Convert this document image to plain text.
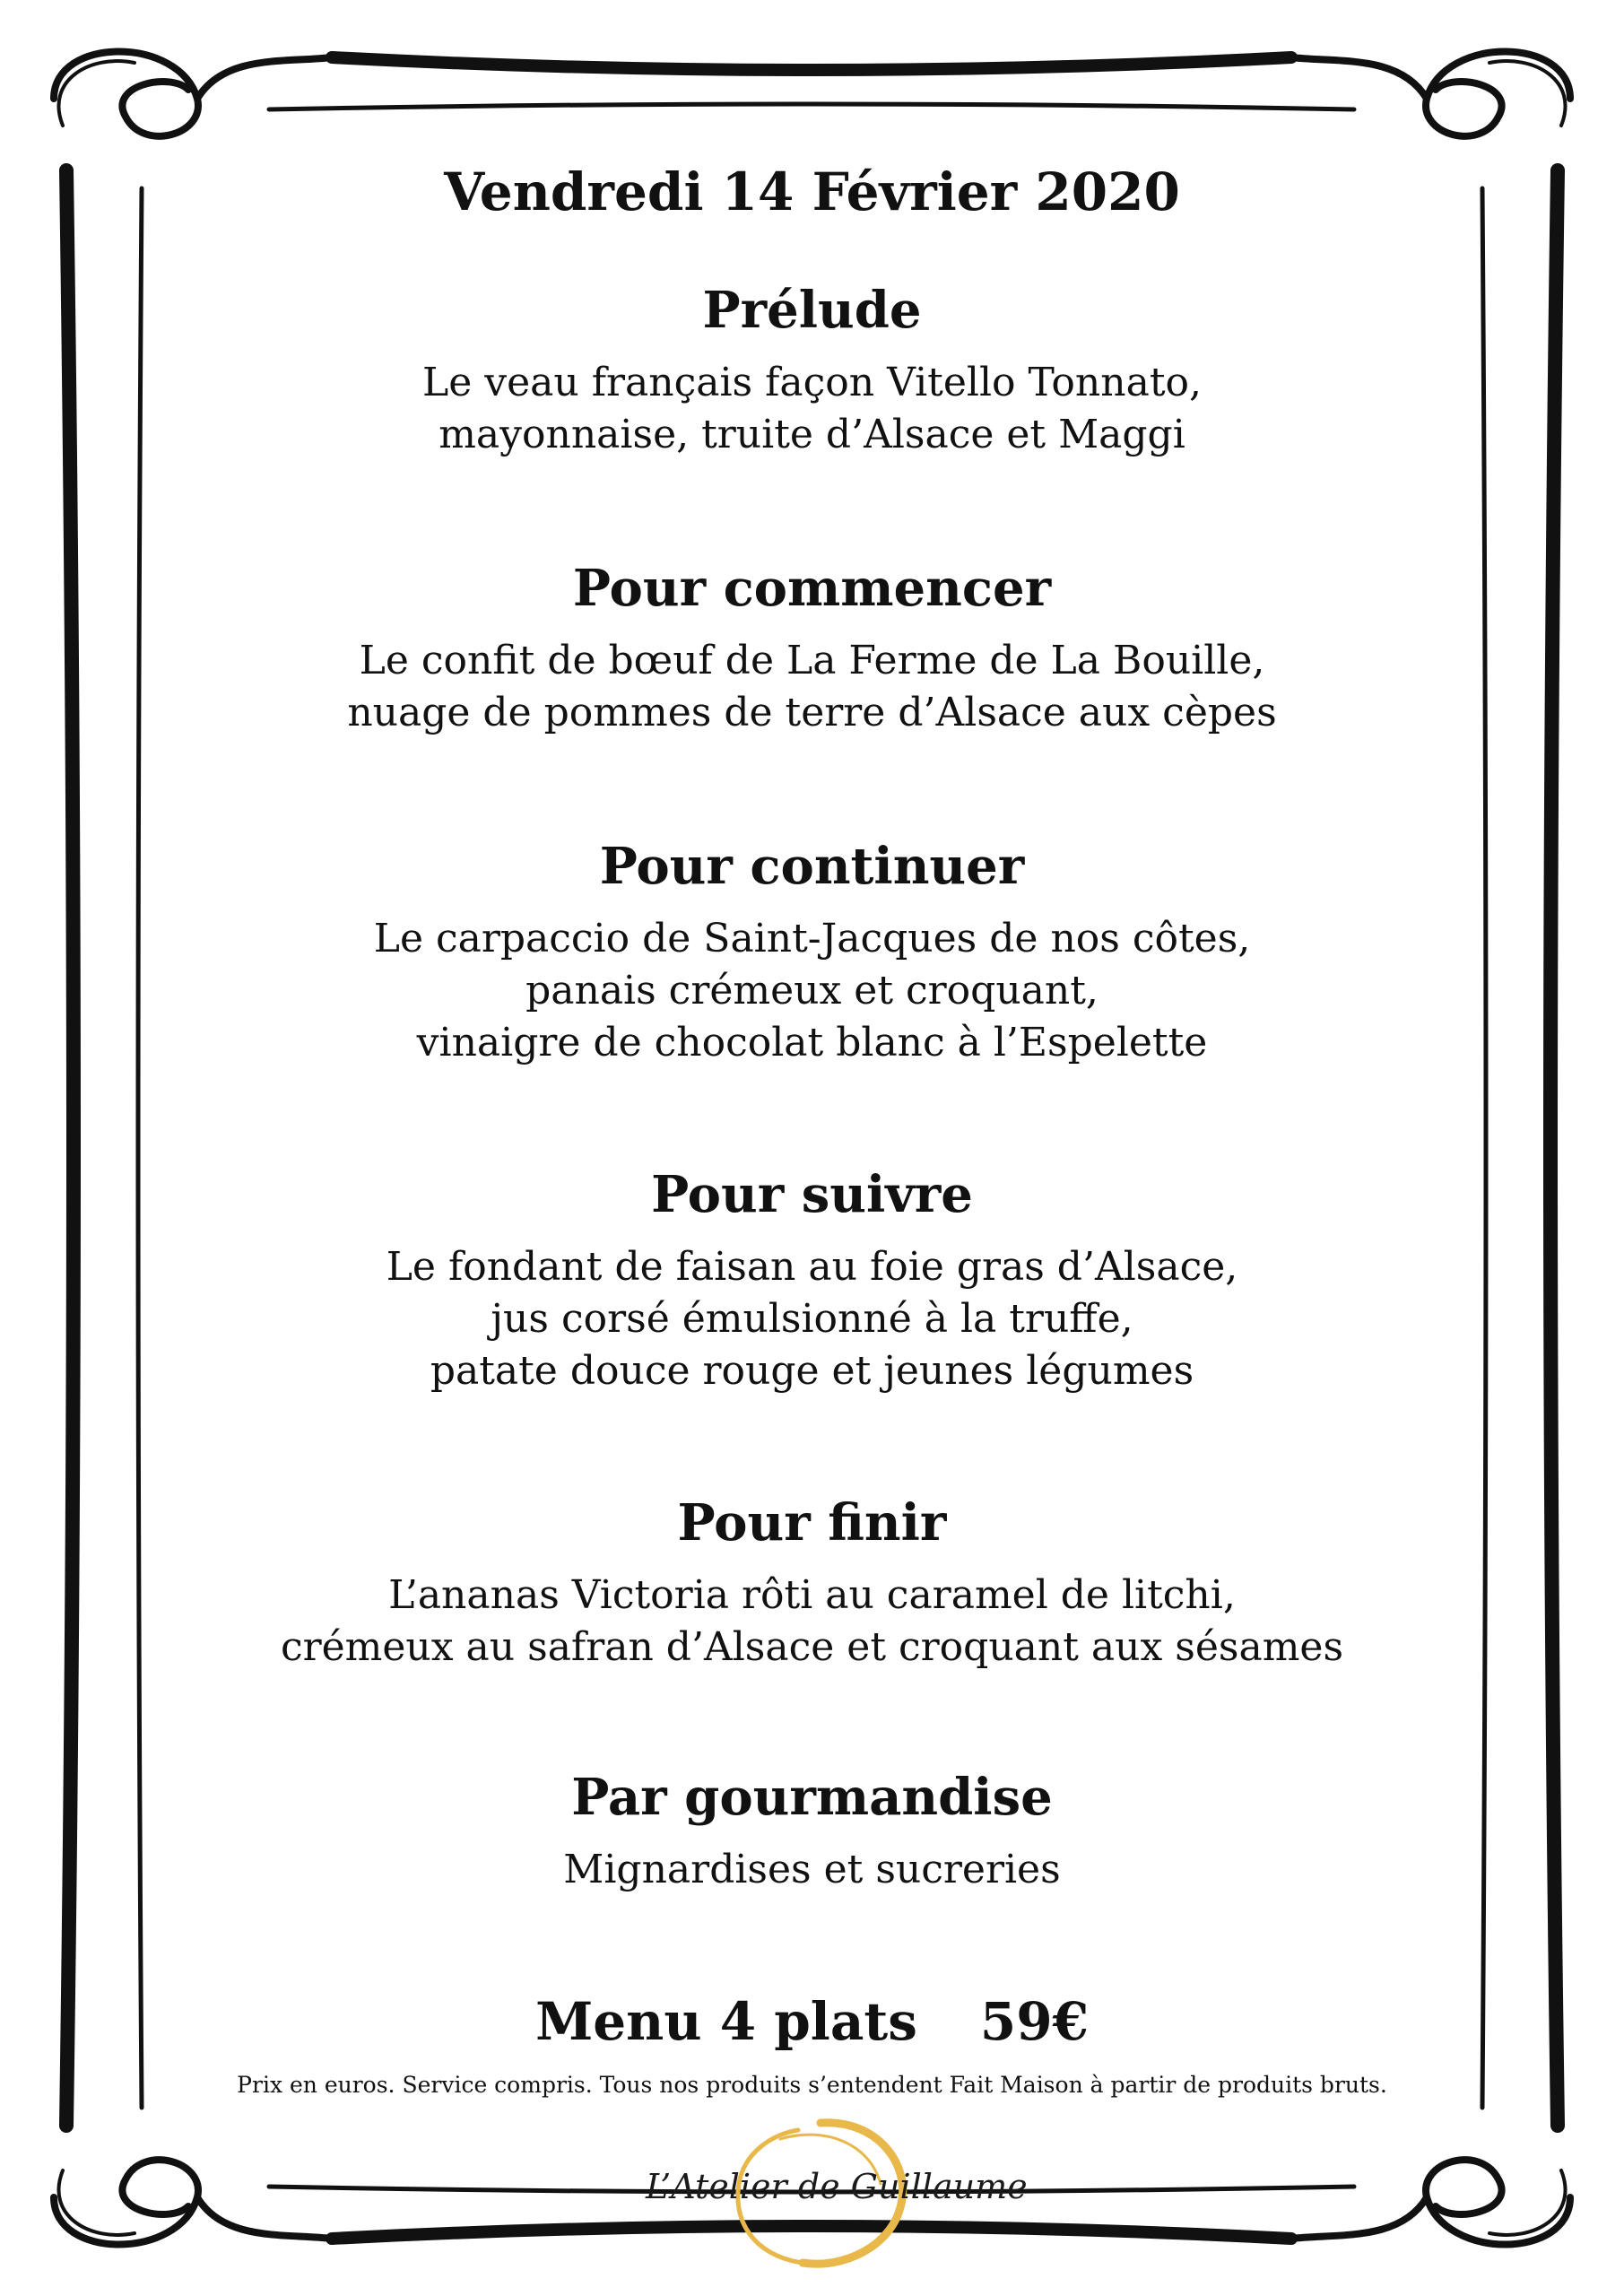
Vendredi 14 Février 2020
Prélude
Le veau français façon Vitello Tonnato,
mayonnaise, truite d’Alsace et Maggi
Pour commencer
Le confit de bœuf de La Ferme de La Bouille,
nuage de pommes de terre d’Alsace aux cèpes
Pour continuer
Le carpaccio de Saint-Jacques de nos côtes,
panais crémeux et croquant,
vinaigre de chocolat blanc à l’Espelette
Pour suivre
Le fondant de faisan au foie gras d’Alsace,
jus corsé émulsionné à la truffe,
patate douce rouge et jeunes légumes
Pour finir
L’ananas Victoria rôti au caramel de litchi,
crémeux au safran d’Alsace et croquant aux sésames
Par gourmandise
Mignardises et sucreries
Menu 4 plats 59€
Prix en euros. Service compris. Tous nos produits s’entendent Fait Maison à partir de produits bruts.
L’Atelier de Guillaume
